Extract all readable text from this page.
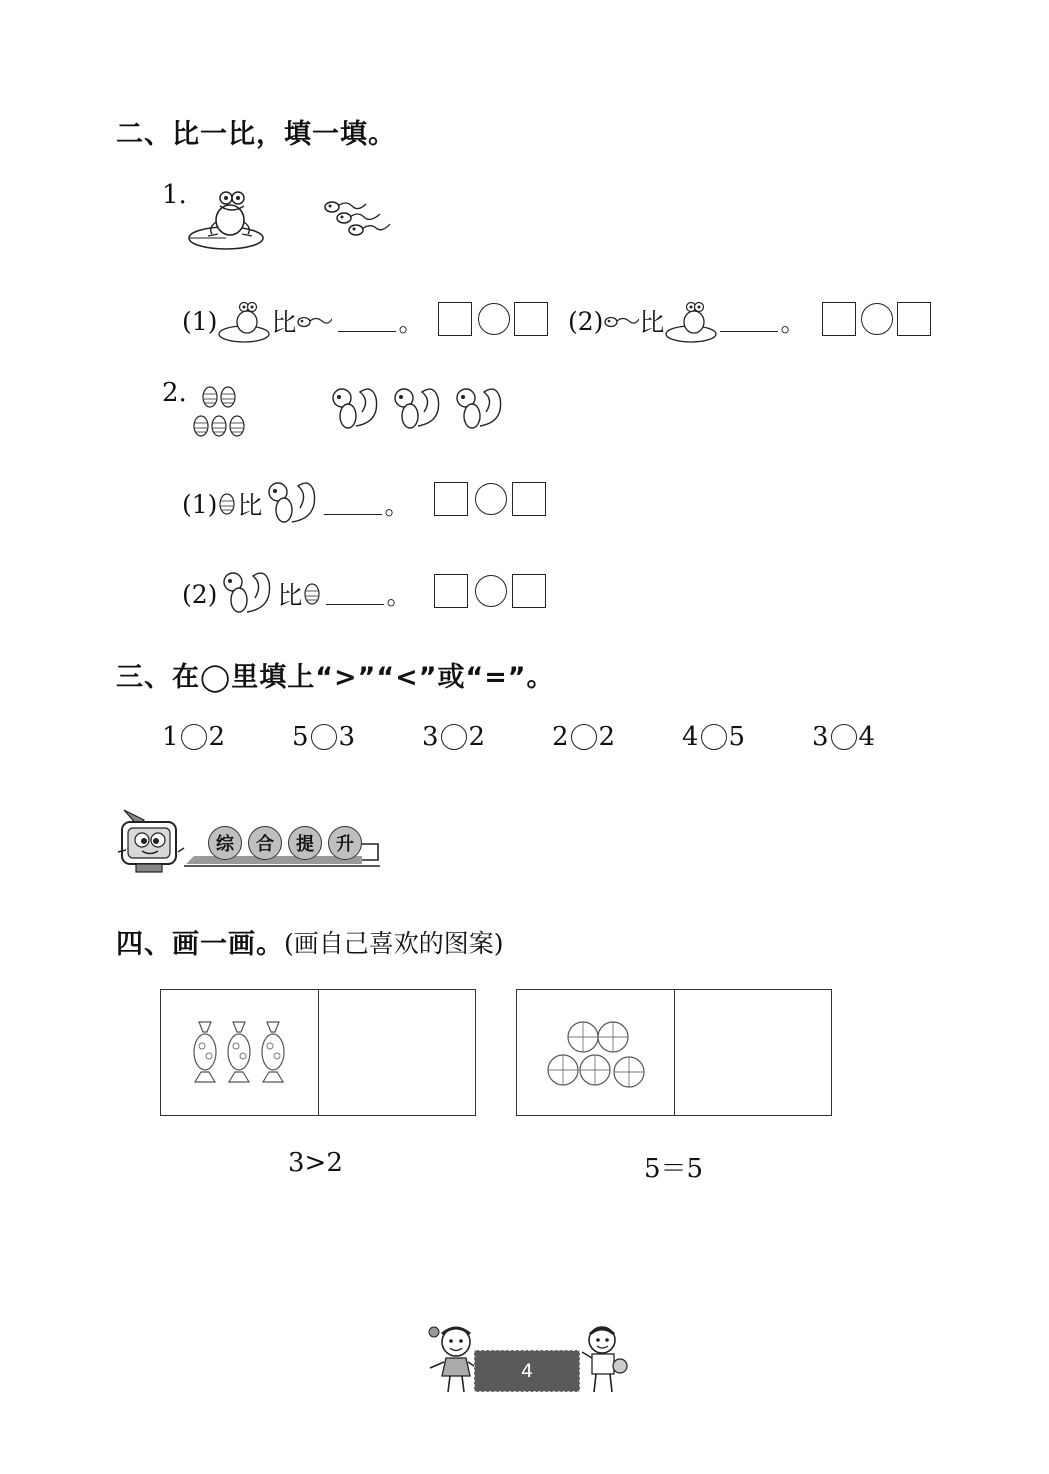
二、比一比，填一填。
1.
(1) 比	。	(2) 比	。
2.
(1) 比	。
(2) 比	。
三、在◯里填上“>”“<”或“=”。
1 2	5 3	3 2	2 2	4 5	3 4
综	合	提	升
四、画一画。 (画自己喜欢的图案)
3>2	5＝5
4
